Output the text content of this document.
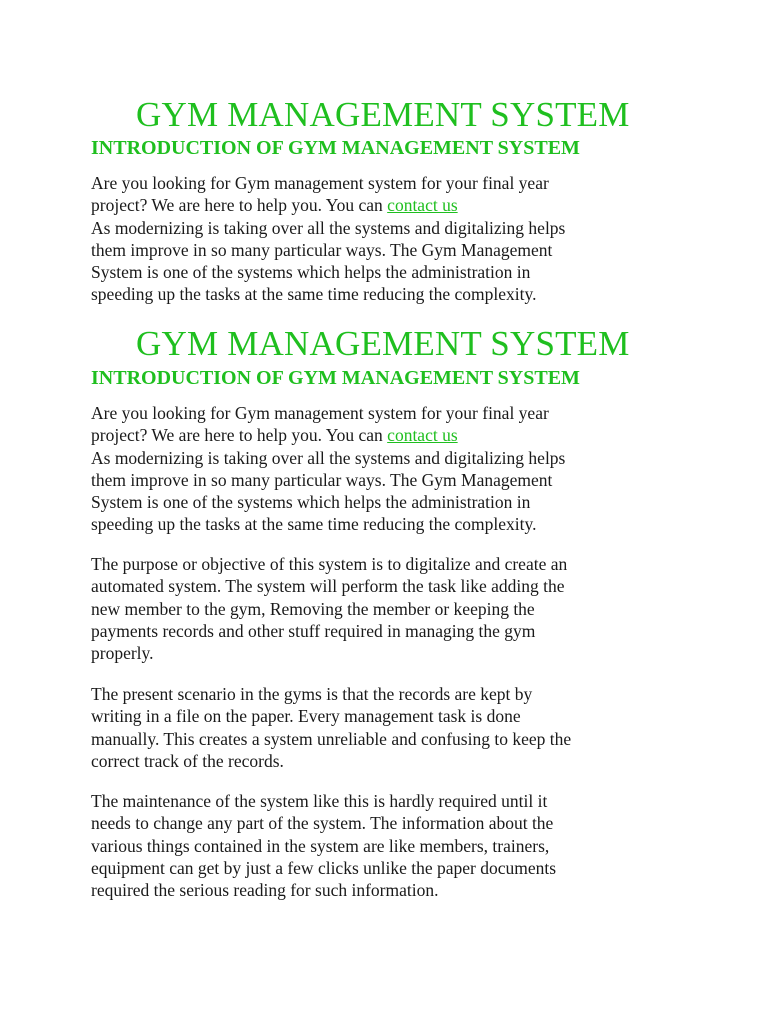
GYM MANAGEMENT SYSTEM
INTRODUCTION OF GYM MANAGEMENT SYSTEM

Are you looking for Gym management system for your final year
project? We are here to help you. You can contact us

As modernizing is taking over all the systems and digitalizing helps
them improve in so many particular ways. The Gym Management
System is one of the systems which helps the administration in
speeding up the tasks at the same time reducing the complexity.

GYM MANAGEMENT SYSTEM
INTRODUCTION OF GYM MANAGEMENT SYSTEM

Are you looking for Gym management system for your final year
project? We are here to help you. You can contact us

As modernizing is taking over all the systems and digitalizing helps
them improve in so many particular ways. The Gym Management
System is one of the systems which helps the administration in
speeding up the tasks at the same time reducing the complexity.

The purpose or objective of this system is to digitalize and create an
automated system. The system will perform the task like adding the
new member to the gym, Removing the member or keeping the
payments records and other stuff required in managing the gym
properly.

The present scenario in the gyms is that the records are kept by
writing in a file on the paper. Every management task is done
manually. This creates a system unreliable and confusing to keep the
correct track of the records.

The maintenance of the system like this is hardly required until it
needs to change any part of the system. The information about the
various things contained in the system are like members, trainers,
equipment can get by just a few clicks unlike the paper documents
required the serious reading for such information.
